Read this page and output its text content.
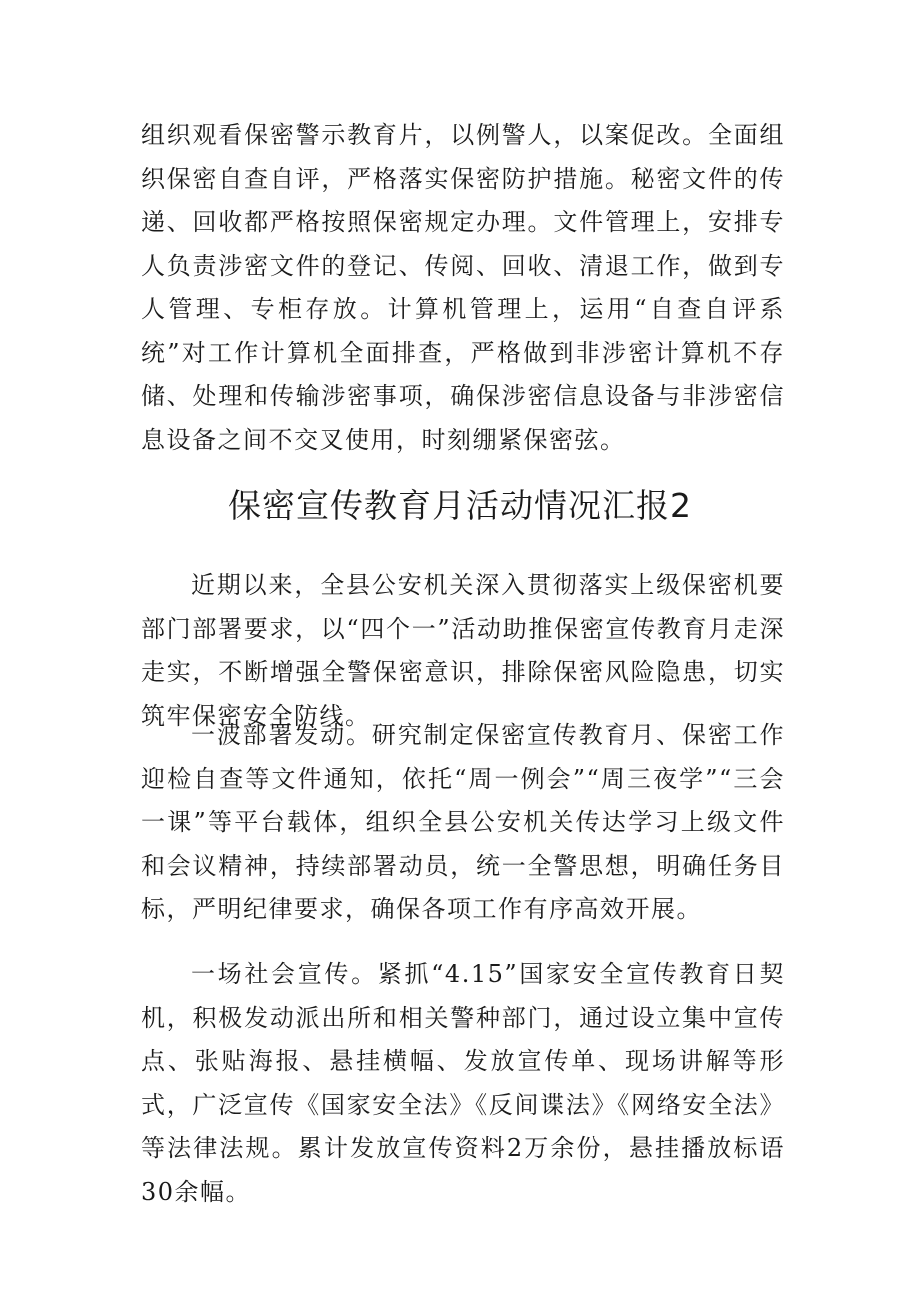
组织观看保密警示教育片，以例警人，以案促改。全面组织保密自查自评，严格落实保密防护措施。秘密文件的传递、回收都严格按照保密规定办理。文件管理上，安排专人负责涉密文件的登记、传阅、回收、清退工作，做到专人管理、专柜存放。计算机管理上，运用“自查自评系统”对工作计算机全面排查，严格做到非涉密计算机不存储、处理和传输涉密事项，确保涉密信息设备与非涉密信息设备之间不交叉使用，时刻绷紧保密弦。

保密宣传教育月活动情况汇报2

近期以来，全县公安机关深入贯彻落实上级保密机要部门部署要求，以“四个一”活动助推保密宣传教育月走深走实，不断增强全警保密意识，排除保密风险隐患，切实筑牢保密安全防线。

一波部署发动。研究制定保密宣传教育月、保密工作迎检自查等文件通知，依托“周一例会”“周三夜学”“三会一课”等平台载体，组织全县公安机关传达学习上级文件和会议精神，持续部署动员，统一全警思想，明确任务目标，严明纪律要求，确保各项工作有序高效开展。

一场社会宣传。紧抓“4.15”国家安全宣传教育日契机，积极发动派出所和相关警种部门，通过设立集中宣传点、张贴海报、悬挂横幅、发放宣传单、现场讲解等形式，广泛宣传《国家安全法》《反间谍法》《网络安全法》等法律法规。累计发放宣传资料2万余份，悬挂播放标语30余幅。
